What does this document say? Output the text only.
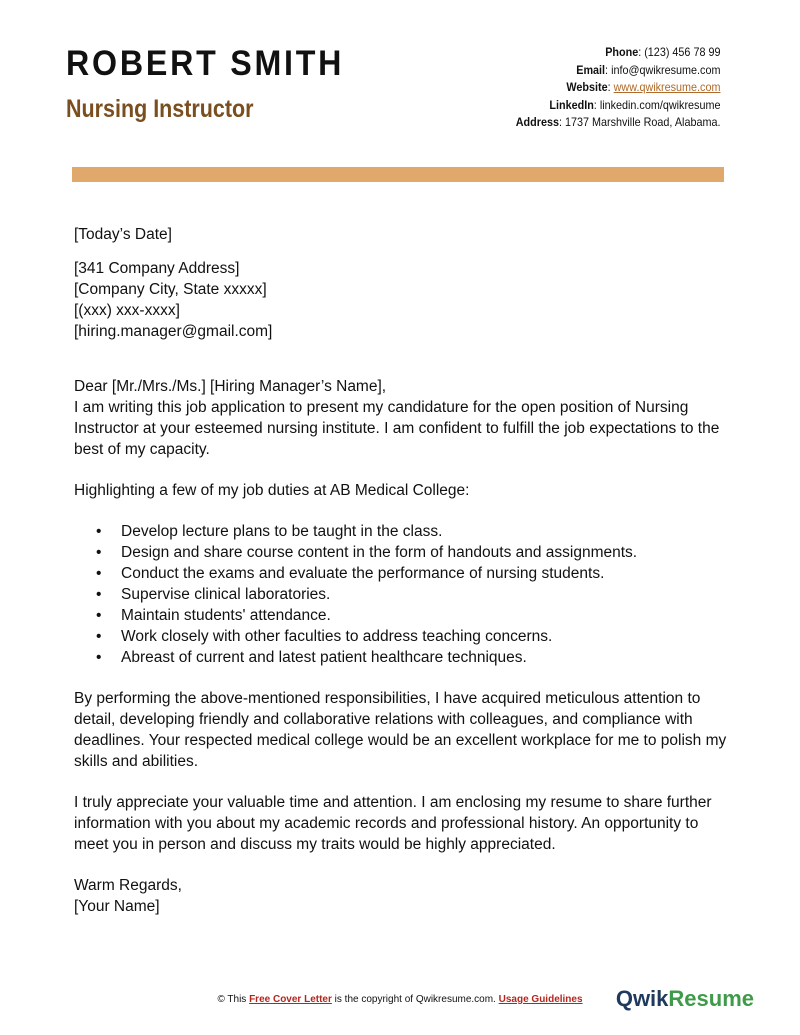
ROBERT SMITH
Nursing Instructor
Phone: (123) 456 78 99
Email: info@qwikresume.com
Website: www.qwikresume.com
LinkedIn: linkedin.com/qwikresume
Address: 1737 Marshville Road, Alabama.

[Today’s Date]

[341 Company Address]

[Company City, State xxxxx]

[(xxx) xxx-xxxx]

[hiring.manager@gmail.com]

Dear [Mr./Mrs./Ms.] [Hiring Manager’s Name],

I am writing this job application to present my candidature for the open position of Nursing Instructor at your esteemed nursing institute. I am confident to fulfill the job expectations to the best of my capacity.

Highlighting a few of my job duties at AB Medical College:

• Develop lecture plans to be taught in the class.
• Design and share course content in the form of handouts and assignments.
• Conduct the exams and evaluate the performance of nursing students.
• Supervise clinical laboratories.
• Maintain students' attendance.
• Work closely with other faculties to address teaching concerns.
• Abreast of current and latest patient healthcare techniques.

By performing the above-mentioned responsibilities, I have acquired meticulous attention to detail, developing friendly and collaborative relations with colleagues, and compliance with deadlines. Your respected medical college would be an excellent workplace for me to polish my skills and abilities.

I truly appreciate your valuable time and attention. I am enclosing my resume to share further information with you about my academic records and professional history. An opportunity to meet you in person and discuss my traits would be highly appreciated.

Warm Regards,

[Your Name]

© This Free Cover Letter is the copyright of Qwikresume.com. Usage Guidelines	QwikResume
